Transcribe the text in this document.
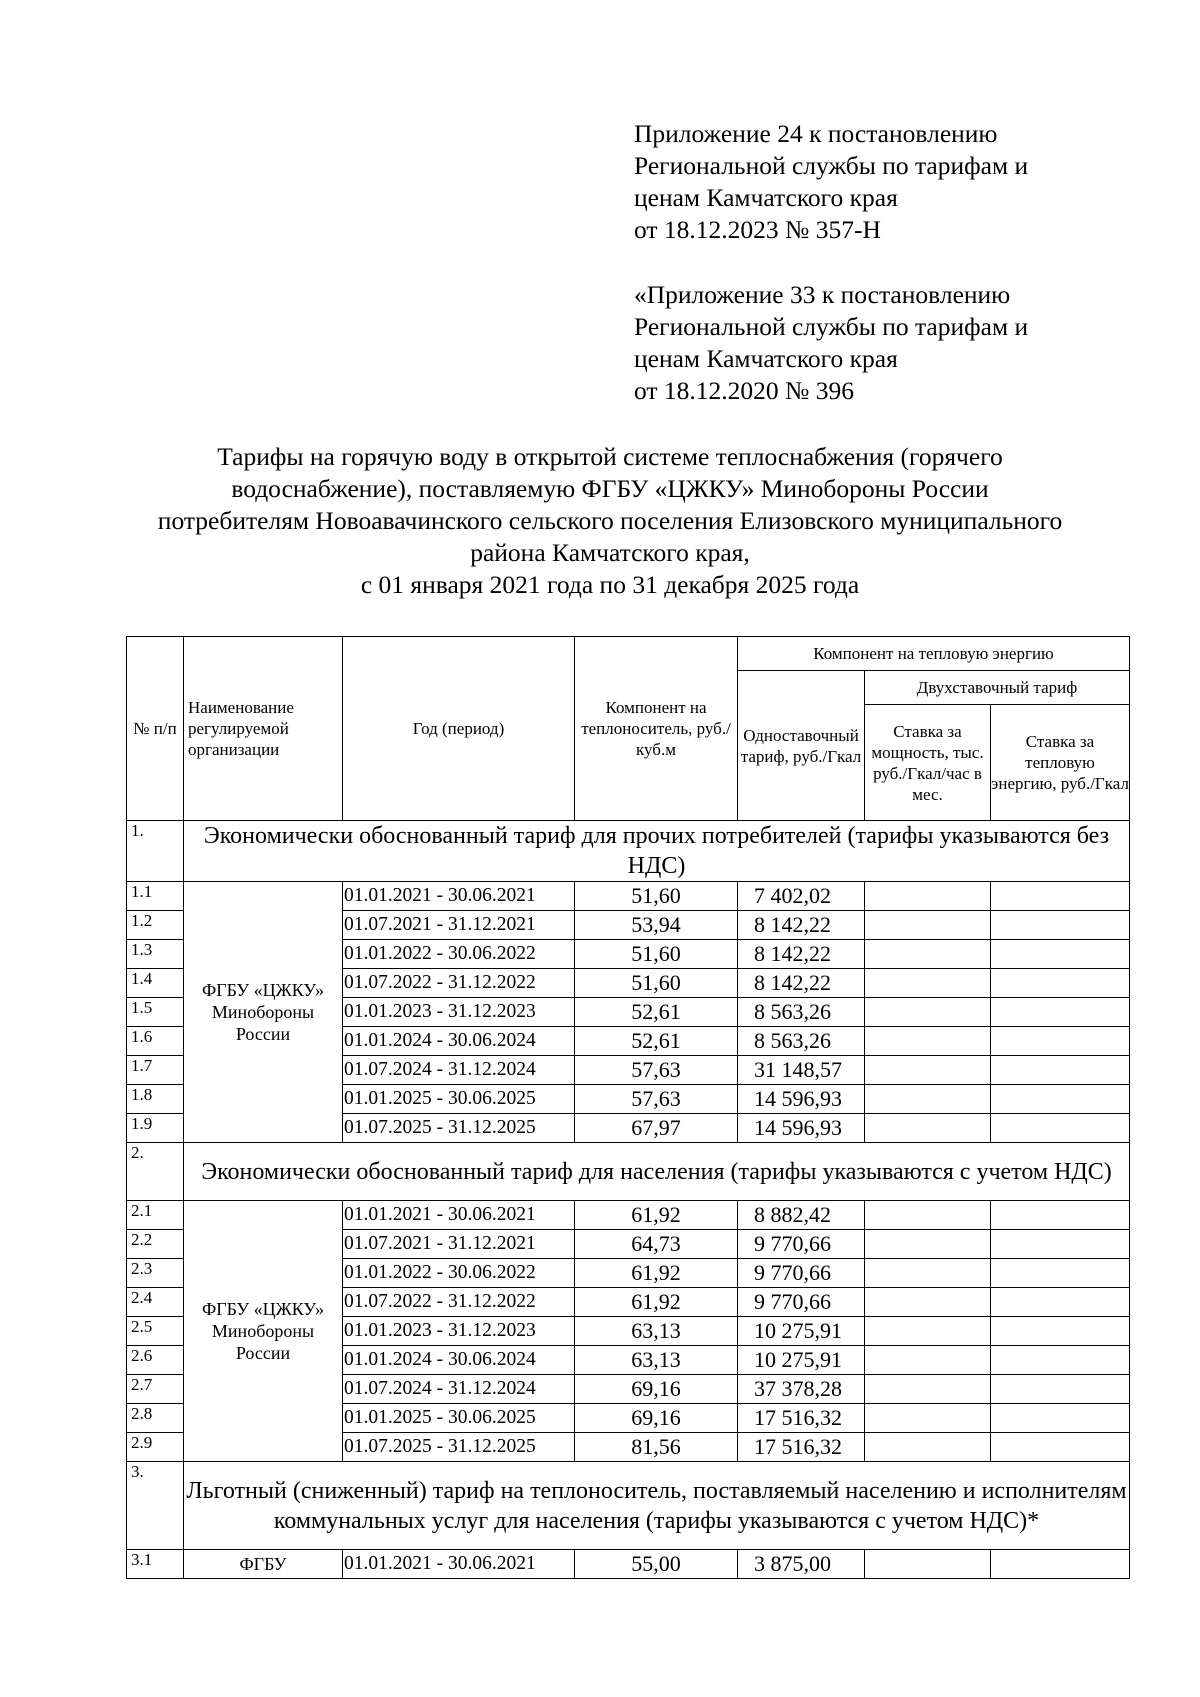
Приложение 24 к постановлению
Региональной службы по тарифам и
ценам Камчатского края
от 18.12.2023 № 357-Н
«Приложение 33 к постановлению
Региональной службы по тарифам и
ценам Камчатского края
от 18.12.2020 № 396
Тарифы на горячую воду в открытой системе теплоснабжения (горячего
водоснабжение), поставляемую ФГБУ «ЦЖКУ» Минобороны России
потребителям Новоавачинского сельского поселения Елизовского муниципального
района Камчатского края,
с 01 января 2021 года по 31 декабря 2025 года
№ п/п	Наименование регулируемой организации	Год (период)	Компонент на теплоноситель, руб./куб.м	Компонент на тепловую энергию		
				Одноставочный тариф, руб./Гкал	Двухставочный тариф	
					Ставка за мощность, тыс. руб./Гкал/час в мес.	Ставка за тепловую энергию, руб./Гкал
1.	Экономически обоснованный тариф для прочих потребителей (тарифы указываются без НДС)					
1.1	ФГБУ «ЦЖКУ» Минобороны России	01.01.2021 - 30.06.2021	51,60	7 402,02		
1.2		01.07.2021 - 31.12.2021	53,94	8 142,22		
1.3		01.01.2022 - 30.06.2022	51,60	8 142,22		
1.4		01.07.2022 - 31.12.2022	51,60	8 142,22		
1.5		01.01.2023 - 31.12.2023	52,61	8 563,26		
1.6		01.01.2024 - 30.06.2024	52,61	8 563,26		
1.7		01.07.2024 - 31.12.2024	57,63	31 148,57		
1.8		01.01.2025 - 30.06.2025	57,63	14 596,93		
1.9		01.07.2025 - 31.12.2025	67,97	14 596,93		
2.	Экономически обоснованный тариф для населения (тарифы указываются с учетом НДС)					
2.1	ФГБУ «ЦЖКУ» Минобороны России	01.01.2021 - 30.06.2021	61,92	8 882,42		
2.2		01.07.2021 - 31.12.2021	64,73	9 770,66		
2.3		01.01.2022 - 30.06.2022	61,92	9 770,66		
2.4		01.07.2022 - 31.12.2022	61,92	9 770,66		
2.5		01.01.2023 - 31.12.2023	63,13	10 275,91		
2.6		01.01.2024 - 30.06.2024	63,13	10 275,91		
2.7		01.07.2024 - 31.12.2024	69,16	37 378,28		
2.8		01.01.2025 - 30.06.2025	69,16	17 516,32		
2.9		01.07.2025 - 31.12.2025	81,56	17 516,32		
3.	Льготный (сниженный) тариф на теплоноситель, поставляемый населению и исполнителям коммунальных услуг для населения (тарифы указываются с учетом НДС)*					
3.1	ФГБУ	01.01.2021 - 30.06.2021	55,00	3 875,00		
